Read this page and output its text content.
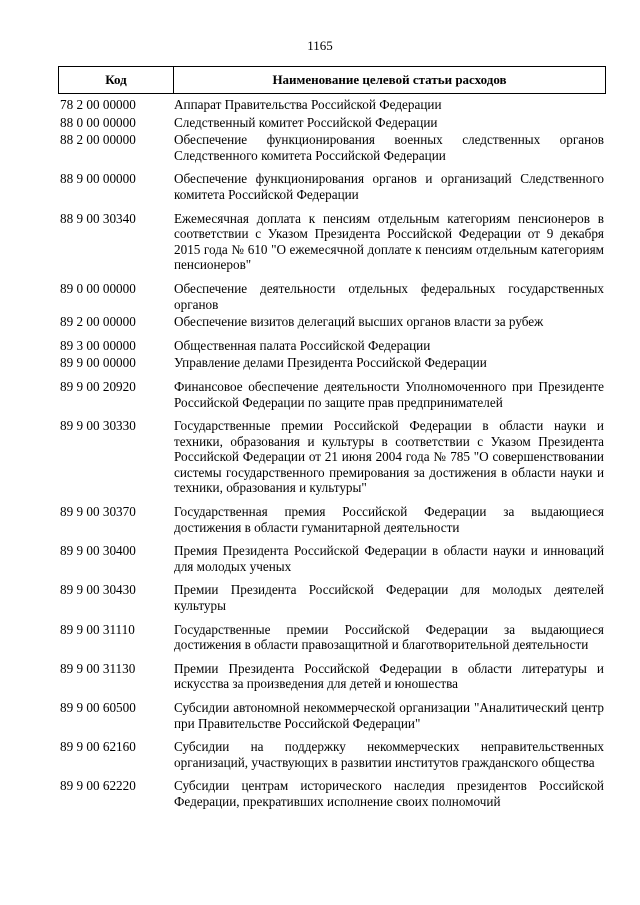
1165
Код	Наименование целевой статьи расходов
78 2 00 00000	Аппарат Правительства Российской Федерации
88 0 00 00000	Следственный комитет Российской Федерации
88 2 00 00000	Обеспечение функционирования военных следственных органов Следственного комитета Российской Федерации
88 9 00 00000	Обеспечение функционирования органов и организаций Следственного комитета Российской Федерации
88 9 00 30340	Ежемесячная доплата к пенсиям отдельным категориям пенсионеров в соответствии с Указом Президента Российской Федерации от 9 декабря 2015 года № 610 "О ежемесячной доплате к пенсиям отдельным категориям пенсионеров"
89 0 00 00000	Обеспечение деятельности отдельных федеральных государственных органов
89 2 00 00000	Обеспечение визитов делегаций высших органов власти за рубеж
89 3 00 00000	Общественная палата Российской Федерации
89 9 00 00000	Управление делами Президента Российской Федерации
89 9 00 20920	Финансовое обеспечение деятельности Уполномоченного при Президенте Российской Федерации по защите прав предпринимателей
89 9 00 30330	Государственные премии Российской Федерации в области науки и техники, образования и культуры в соответствии с Указом Президента Российской Федерации от 21 июня 2004 года № 785 "О совершенствовании системы государственного премирования за достижения в области науки и техники, образования и культуры"
89 9 00 30370	Государственная премия Российской Федерации за выдающиеся достижения в области гуманитарной деятельности
89 9 00 30400	Премия Президента Российской Федерации в области науки и инноваций для молодых ученых
89 9 00 30430	Премии Президента Российской Федерации для молодых деятелей культуры
89 9 00 31110	Государственные премии Российской Федерации за выдающиеся достижения в области правозащитной и благотворительной деятельности
89 9 00 31130	Премии Президента Российской Федерации в области литературы и искусства за произведения для детей и юношества
89 9 00 60500	Субсидии автономной некоммерческой организации "Аналитический центр при Правительстве Российской Федерации"
89 9 00 62160	Субсидии на поддержку некоммерческих неправительственных организаций, участвующих в развитии институтов гражданского общества
89 9 00 62220	Субсидии центрам исторического наследия президентов Российской Федерации, прекративших исполнение своих полномочий
